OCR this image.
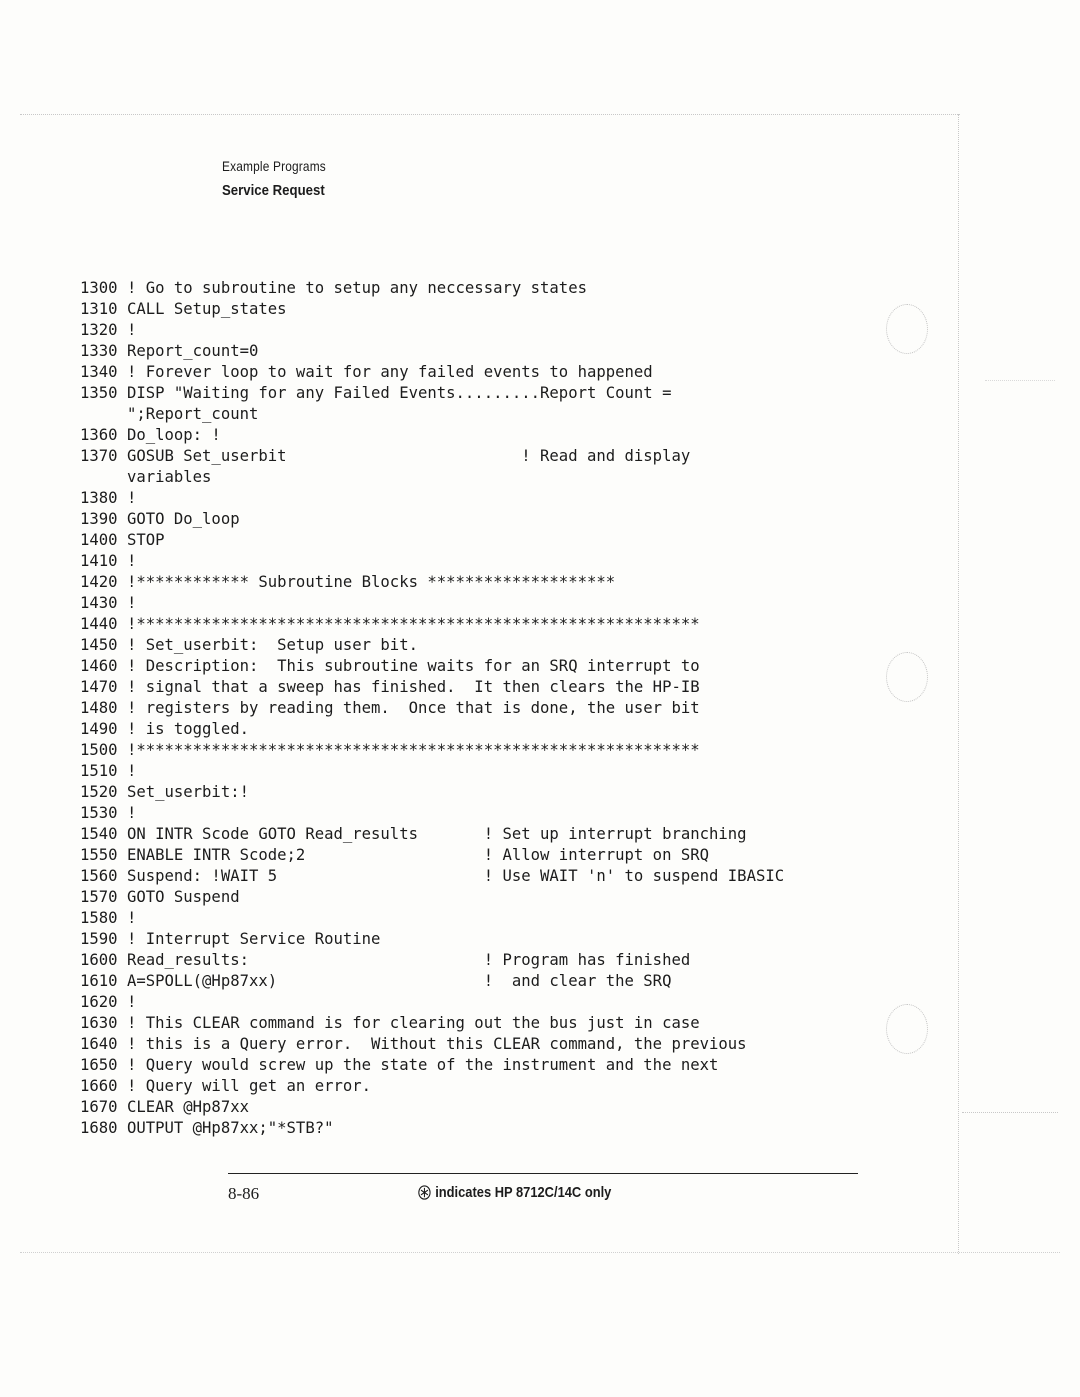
Example Programs
Service Request
1300 ! Go to subroutine to setup any neccessary states
1310 CALL Setup_states
1320 !
1330 Report_count=0
1340 ! Forever loop to wait for any failed events to happened
1350 DISP "Waiting for any Failed Events.........Report Count =
";Report_count
1360 Do_loop: !
1370 GOSUB Set_userbit                         ! Read and display
variables
1380 !
1390 GOTO Do_loop
1400 STOP
1410 !
1420 !************ Subroutine Blocks ********************
1430 !
1440 !************************************************************
1450 ! Set_userbit:  Setup user bit.
1460 ! Description:  This subroutine waits for an SRQ interrupt to
1470 ! signal that a sweep has finished.  It then clears the HP-IB
1480 ! registers by reading them.  Once that is done, the user bit
1490 ! is toggled.
1500 !************************************************************
1510 !
1520 Set_userbit:!
1530 !
1540 ON INTR Scode GOTO Read_results       ! Set up interrupt branching
1550 ENABLE INTR Scode;2                   ! Allow interrupt on SRQ
1560 Suspend: !WAIT 5                      ! Use WAIT 'n' to suspend IBASIC
1570 GOTO Suspend
1580 !
1590 ! Interrupt Service Routine
1600 Read_results:                         ! Program has finished
1610 A=SPOLL(@Hp87xx)                      !  and clear the SRQ
1620 !
1630 ! This CLEAR command is for clearing out the bus just in case
1640 ! this is a Query error.  Without this CLEAR command, the previous
1650 ! Query would screw up the state of the instrument and the next
1660 ! Query will get an error.
1670 CLEAR @Hp87xx
1680 OUTPUT @Hp87xx;"*STB?"
8-86	indicates HP 8712C/14C only
